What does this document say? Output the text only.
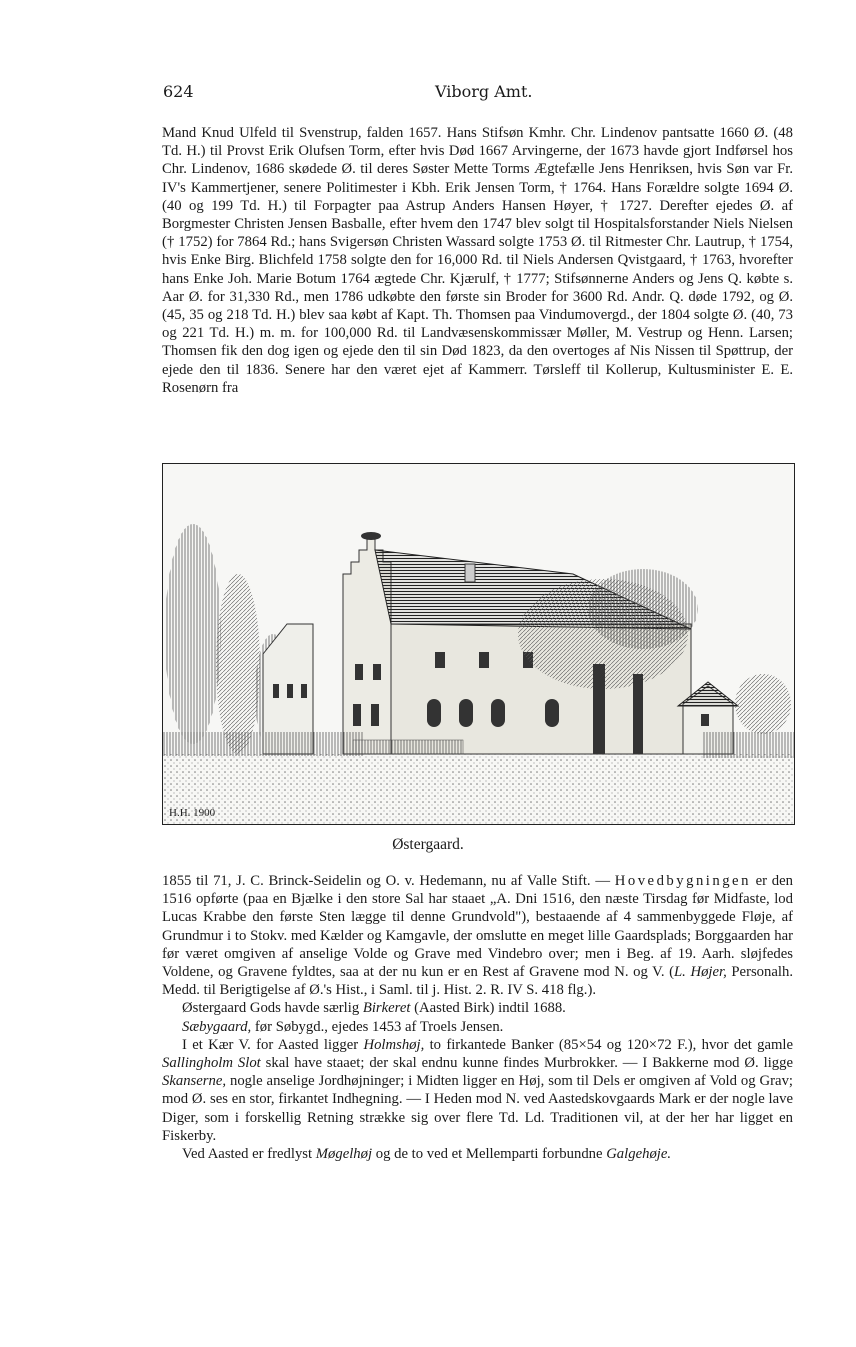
624	Viborg Amt.

Mand Knud Ulfeld til Svenstrup, falden 1657. Hans Stifsøn Kmhr. Chr. Lindenov pantsatte 1660 Ø. (48 Td. H.) til Provst Erik Olufsen Torm, efter hvis Død 1667 Arvingerne, der 1673 havde gjort Indførsel hos Chr. Lindenov, 1686 skødede Ø. til deres Søster Mette Torms Ægtefælle Jens Henriksen, hvis Søn var Fr. IV's Kammertjener, senere Politimester i Kbh. Erik Jensen Torm, † 1764. Hans Forældre solgte 1694 Ø. (40 og 199 Td. H.) til Forpagter paa Astrup Anders Hansen Høyer, † 1727. Derefter ejedes Ø. af Borgmester Christen Jensen Basballe, efter hvem den 1747 blev solgt til Hospitalsforstander Niels Nielsen († 1752) for 7864 Rd.; hans Svigersøn Christen Wassard solgte 1753 Ø. til Ritmester Chr. Lautrup, † 1754, hvis Enke Birg. Blichfeld 1758 solgte den for 16,000 Rd. til Niels Andersen Qvistgaard, † 1763, hvorefter hans Enke Joh. Marie Botum 1764 ægtede Chr. Kjærulf, † 1777; Stifsønnerne Anders og Jens Q. købte s. Aar Ø. for 31,330 Rd., men 1786 udkøbte den første sin Broder for 3600 Rd. Andr. Q. døde 1792, og Ø. (45, 35 og 218 Td. H.) blev saa købt af Kapt. Th. Thomsen paa Vindumovergd., der 1804 solgte Ø. (40, 73 og 221 Td. H.) m. m. for 100,000 Rd. til Landvæsenskommissær Møller, M. Vestrup og Henn. Larsen; Thomsen fik den dog igen og ejede den til sin Død 1823, da den overtoges af Nis Nissen til Spøttrup, der ejede den til 1836. Senere har den været ejet af Kammerr. Tørsleff til Kollerup, Kultusminister E. E. Rosenørn fra

H.H. 1900
Østergaard.

1855 til 71, J. C. Brinck-Seidelin og O. v. Hedemann, nu af Valle Stift. — Hovedbygningen er den 1516 opførte (paa en Bjælke i den store Sal har staaet „A. Dni 1516, den næste Tirsdag før Midfaste, lod Lucas Krabbe den første Sten lægge til denne Grundvold"), bestaaende af 4 sammenbyggede Fløje, af Grundmur i to Stokv. med Kælder og Kamgavle, der omslutte en meget lille Gaardsplads; Borggaarden har før været omgiven af anselige Volde og Grave med Vindebro over; men i Beg. af 19. Aarh. sløjfedes Voldene, og Gravene fyldtes, saa at der nu kun er en Rest af Gravene mod N. og V. (L. Højer, Personalh. Medd. til Berigtigelse af Ø.'s Hist., i Saml. til j. Hist. 2. R. IV S. 418 flg.).

Østergaard Gods havde særlig Birkeret (Aasted Birk) indtil 1688.

Sæbygaard, før Søbygd., ejedes 1453 af Troels Jensen.

I et Kær V. for Aasted ligger Holmshøj, to firkantede Banker (85×54 og 120×72 F.), hvor det gamle Sallingholm Slot skal have staaet; der skal endnu kunne findes Murbrokker. — I Bakkerne mod Ø. ligge Skanserne, nogle anselige Jordhøjninger; i Midten ligger en Høj, som til Dels er omgiven af Vold og Grav; mod Ø. ses en stor, firkantet Indhegning. — I Heden mod N. ved Aastedskovgaards Mark er der nogle lave Diger, som i forskellig Retning strække sig over flere Td. Ld. Traditionen vil, at der her har ligget en Fiskerby.

Ved Aasted er fredlyst Møgelhøj og de to ved et Mellemparti forbundne Galgehøje.
